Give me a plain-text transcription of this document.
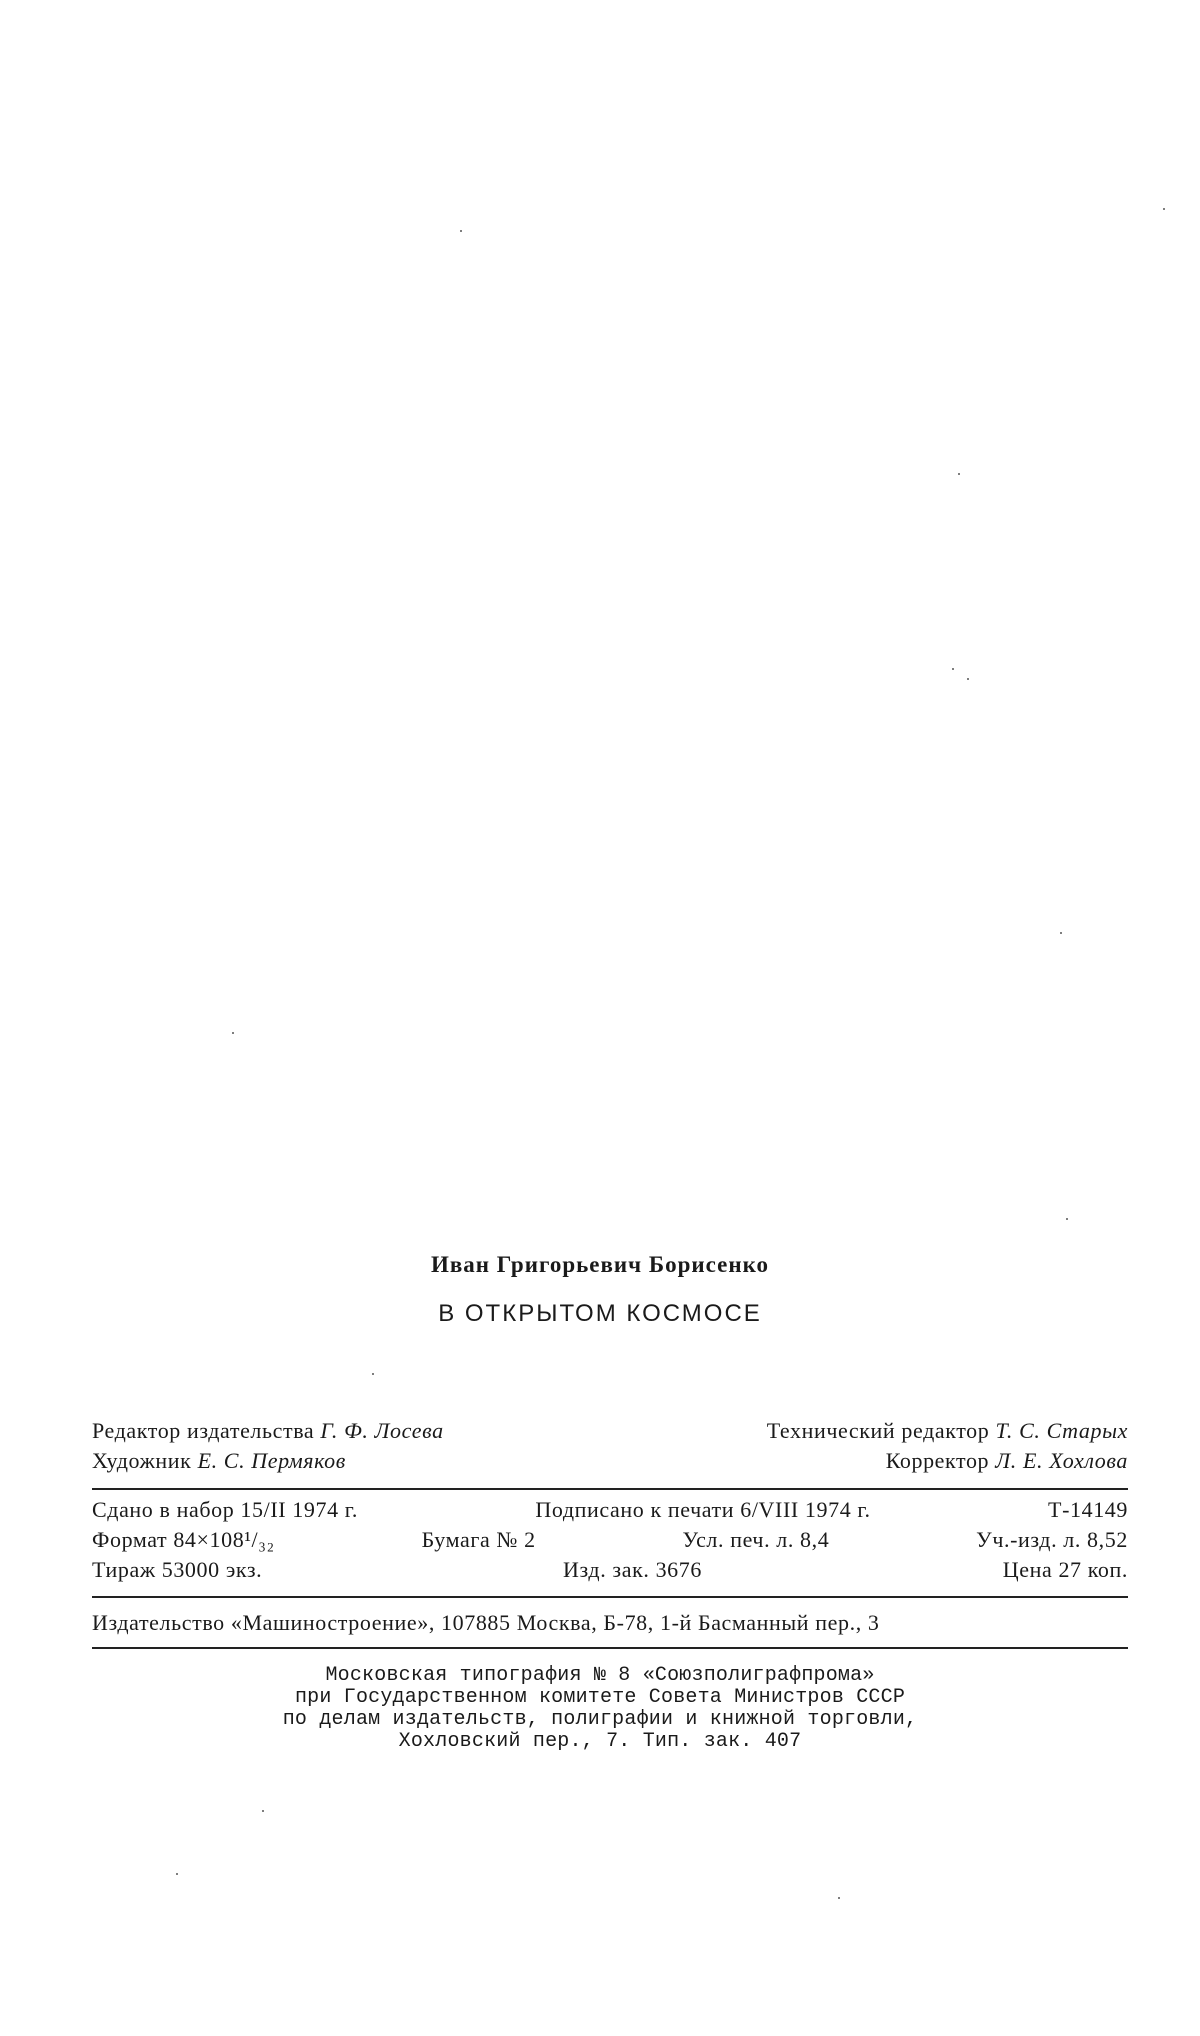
Иван Григорьевич Борисенко
В ОТКРЫТОМ КОСМОСЕ
Редактор издательства Г. Ф. Лосева	Технический редактор Т. С. Старых
Художник Е. С. Пермяков	Корректор Л. Е. Хохлова
Сдано в набор 15/II 1974 г.	Подписано к печати 6/VIII 1974 г.	Т-14149
Формат 84×108¹/₃₂	Бумага № 2	Усл. печ. л. 8,4	Уч.-изд. л. 8,52
Тираж 53000 экз.	Изд. зак. 3676	Цена 27 коп.
Издательство «Машиностроение», 107885 Москва, Б-78, 1-й Басманный пер., 3
Московская типография № 8 «Союзполиграфпрома»
при Государственном комитете Совета Министров СССР
по делам издательств, полиграфии и книжной торговли,
Хохловский пер., 7. Тип. зак. 407
